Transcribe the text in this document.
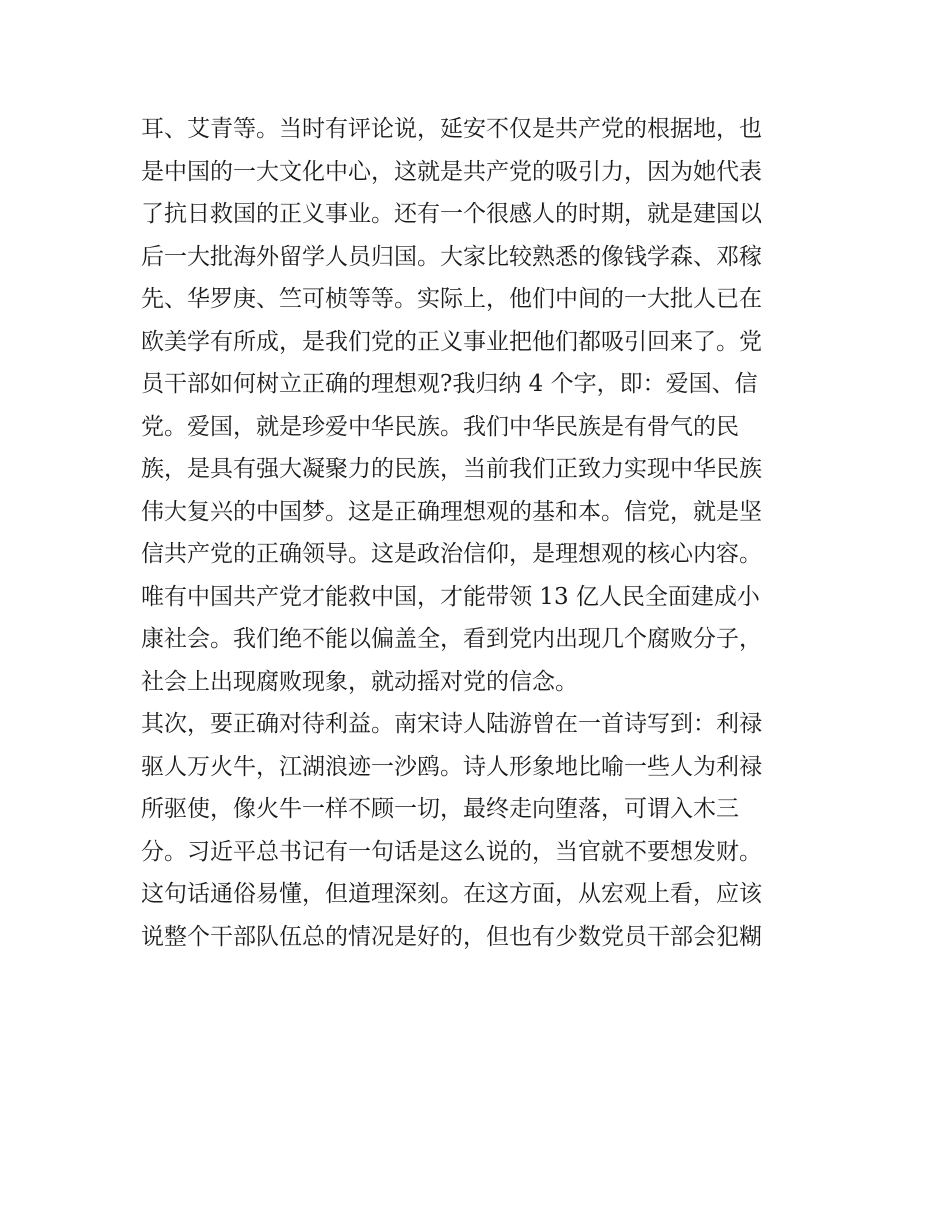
耳、艾青等。当时有评论说，延安不仅是共产党的根据地，也
是中国的一大文化中心，这就是共产党的吸引力，因为她代表
了抗日救国的正义事业。还有一个很感人的时期，就是建国以
后一大批海外留学人员归国。大家比较熟悉的像钱学森、邓稼
先、华罗庚、竺可桢等等。实际上，他们中间的一大批人已在
欧美学有所成，是我们党的正义事业把他们都吸引回来了。党
员干部如何树立正确的理想观?我归纳 4 个字，即：爱国、信
党。爱国，就是珍爱中华民族。我们中华民族是有骨气的民
族，是具有强大凝聚力的民族，当前我们正致力实现中华民族
伟大复兴的中国梦。这是正确理想观的基和本。信党，就是坚
信共产党的正确领导。这是政治信仰，是理想观的核心内容。
唯有中国共产党才能救中国，才能带领 13 亿人民全面建成小
康社会。我们绝不能以偏盖全，看到党内出现几个腐败分子，
社会上出现腐败现象，就动摇对党的信念。
其次，要正确对待利益。南宋诗人陆游曾在一首诗写到：利禄
驱人万火牛，江湖浪迹一沙鸥。诗人形象地比喻一些人为利禄
所驱使，像火牛一样不顾一切，最终走向堕落，可谓入木三
分。习近平总书记有一句话是这么说的，当官就不要想发财。
这句话通俗易懂，但道理深刻。在这方面，从宏观上看，应该
说整个干部队伍总的情况是好的，但也有少数党员干部会犯糊
